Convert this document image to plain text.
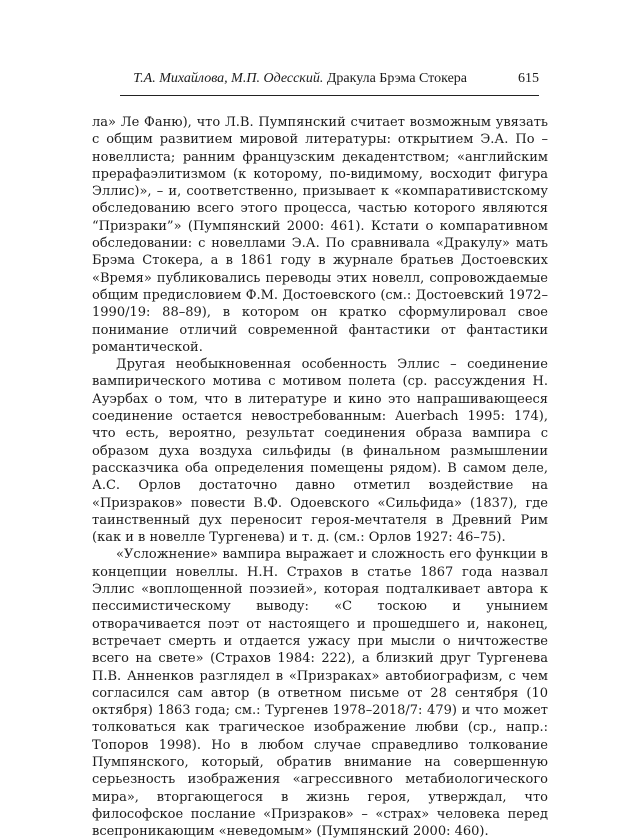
Т.А. Михайлова, М.П. Одесский. Дракула Брэма Стокера	615

ла» Ле Фаню), что Л.В. Пумпянский считает возможным увязать с общим развитием мировой литературы: открытием Э.А. По – новеллиста; ранним французским декадентством; «английским прерафаэлитизмом (к которому, по-видимому, восходит фигура Эллис)», – и, соответственно, призывает к «компаративистскому обследованию всего этого процесса, частью которого являются “Призраки”» (Пумпянский 2000: 461). Кстати о компаративном обследовании: с новеллами Э.А. По сравнивала «Дракулу» мать Брэма Стокера, а в 1861 году в журнале братьев Достоевских «Время» публиковались переводы этих новелл, сопровождаемые общим предисловием Ф.М. Достоевского (см.: Достоевский 1972–1990/19: 88–89), в котором он кратко сформулировал свое понимание отличий современной фантастики от фантастики романтической.

Другая необыкновенная особенность Эллис – соединение вампирического мотива с мотивом полета (ср. рассуждения Н. Ауэрбах о том, что в литературе и кино это напрашивающееся соединение остается невостребованным: Auerbach 1995: 174), что есть, вероятно, результат соединения образа вампира с образом духа воздуха сильфиды (в финальном размышлении рассказчика оба определения помещены рядом). В самом деле, А.С. Орлов достаточно давно отметил воздействие на «Призраков» повести В.Ф. Одоевского «Сильфида» (1837), где таинственный дух переносит героя-мечтателя в Древний Рим (как и в новелле Тургенева) и т. д. (см.: Орлов 1927: 46–75).

«Усложнение» вампира выражает и сложность его функции в концепции новеллы. Н.Н. Страхов в статье 1867 года назвал Эллис «воплощенной поэзией», которая подталкивает автора к пессимистическому выводу: «С тоскою и унынием отворачивается поэт от настоящего и прошедшего и, наконец, встречает смерть и отдается ужасу при мысли о ничтожестве всего на свете» (Страхов 1984: 222), а близкий друг Тургенева П.В. Анненков разглядел в «Призраках» автобиографизм, с чем согласился сам автор (в ответном письме от 28 сентября (10 октября) 1863 года; см.: Тургенев 1978–2018/7: 479) и что может толковаться как трагическое изображение любви (ср., напр.: Топоров 1998). Но в любом случае справедливо толкование Пумпянского, который, обратив внимание на совершенную серьезность изображения «агрессивного метабиологического мира», вторгающегося в жизнь героя, утверждал, что философское послание «Призраков» – «страх» человека перед всепроникающим «неведомым» (Пумпянский 2000: 460).
